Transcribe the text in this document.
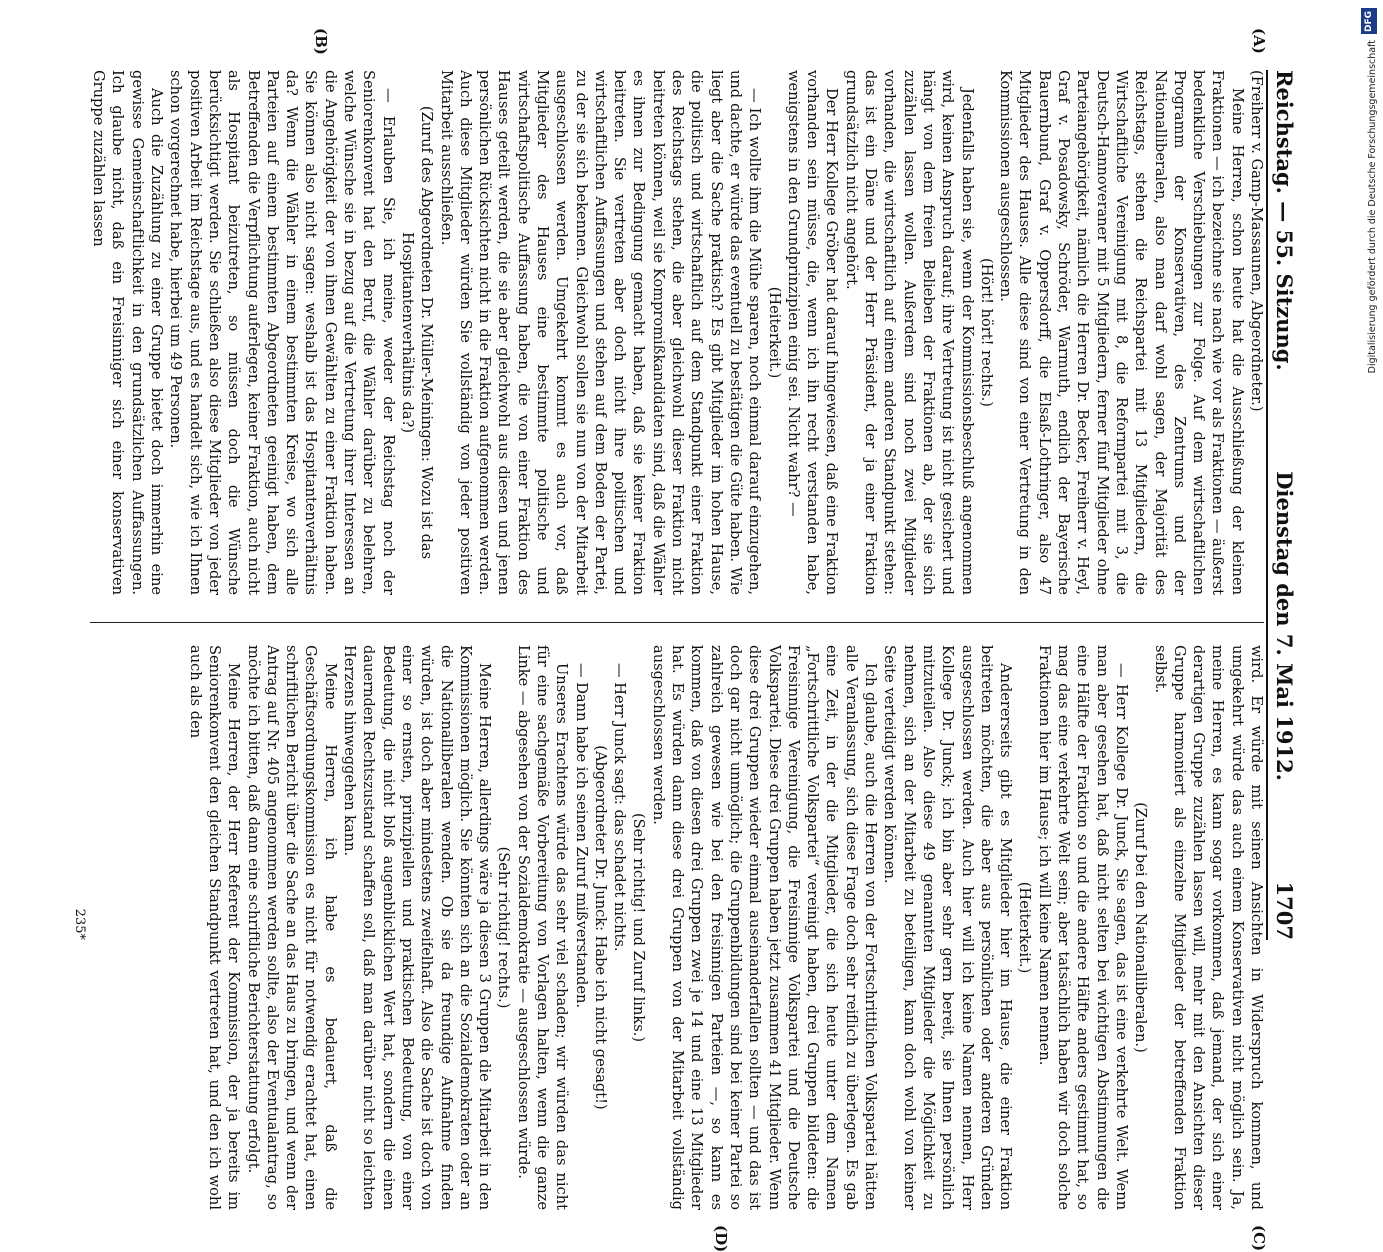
Reichstag. — 55. Sitzung.
Dienstag den 7. Mai 1912.
1707
(A)
(B)
(C)
(D)

(Freiherr v. Gamp-Massaunen, Abgeordneter.)

Meine Herren, schon heute hat die Ausschließung der kleinen Fraktionen — ich bezeichne sie nach wie vor als Fraktionen — äußerst bedenkliche Verschiebungen zur Folge. Auf dem wirtschaftlichen Programm der Konservativen, des Zentrums und der Nationalliberalen, also man darf wohl sagen, der Majorität des Reichstags, stehen die Reichspartei mit 13 Mitgliedern, die Wirtschaftliche Vereinigung mit 8, die Reformpartei mit 3, die Deutsch-Hannoveraner mit 5 Mitgliedern, ferner fünf Mitglieder ohne Parteiangehörigkeit, nämlich die Herren Dr. Becker, Freiherr v. Heyl, Graf v. Posadowsky, Schröder, Warmuth, endlich der Bayerische Bauernbund, Graf v. Oppersdorff, die Elsaß-Lothringer, also 47 Mitglieder des Hauses. Alle diese sind von einer Vertretung in den Kommissionen ausgeschlossen.

(Hört! hört! rechts.)

Jedenfalls haben sie, wenn der Kommissionsbeschluß angenommen wird, keinen Anspruch darauf; ihre Vertretung ist nicht gesichert und hängt von dem freien Belieben der Fraktionen ab, der sie sich zuzählen lassen wollen. Außerdem sind noch zwei Mitglieder vorhanden, die wirtschaftlich auf einem anderen Standpunkt stehen: das ist ein Däne und der Herr Präsident, der ja einer Fraktion grundsätzlich nicht angehört.

Der Herr Kollege Gröber hat darauf hingewiesen, daß eine Fraktion vorhanden sein müsse, die, wenn ich ihn recht verstanden habe, wenigstens in den Grundprinzipien einig sei. Nicht wahr? —

(Heiterkeit.)

— Ich wollte ihm die Mühe sparen, noch einmal darauf einzugehen, und dachte, er würde das eventuell zu bestätigen die Güte haben. Wie liegt aber die Sache praktisch? Es gibt Mitglieder im hohen Hause, die politisch und wirtschaftlich auf dem Standpunkt einer Fraktion des Reichstags stehen, die aber gleichwohl dieser Fraktion nicht beitreten können, weil sie Kompromißkandidaten sind, daß die Wähler es ihnen zur Bedingung gemacht haben, daß sie keiner Fraktion beitreten. Sie vertreten aber doch nicht ihre politischen und wirtschaftlichen Auffassungen und stehen auf dem Boden der Partei, zu der sie sich bekennen. Gleichwohl sollen sie nun von der Mitarbeit ausgeschlossen werden. Umgekehrt kommt es auch vor, daß Mitglieder des Hauses eine bestimmte politische und wirtschaftspolitische Auffassung haben, die von einer Fraktion des Hauses geteilt werden, die sie aber gleichwohl aus diesen und jenen persönlichen Rücksichten nicht in die Fraktion aufgenommen werden. Auch diese Mitglieder würden Sie vollständig von jeder positiven Mitarbeit ausschließen.

(Zuruf des Abgeordneten Dr. Müller-Meiningen: Wozu ist das Hospitantenverhältnis da?)

— Erlauben Sie, ich meine, weder der Reichstag noch der Seniorenkonvent hat den Beruf, die Wähler darüber zu belehren, welche Wünsche sie in bezug auf die Vertretung ihrer Interessen an die Angehörigkeit der von ihnen Gewählten zu einer Fraktion haben. Sie können also nicht sagen: weshalb ist das Hospitantenverhältnis da? Wenn die Wähler in einem bestimmten Kreise, wo sich alle Parteien auf einem bestimmten Abgeordneten geeinigt haben, dem Betreffenden die Verpflichtung auferlegen, keiner Fraktion, auch nicht als Hospitant beizutreten, so müssen doch die Wünsche berücksichtigt werden. Sie schließen also diese Mitglieder von jeder positiven Arbeit im Reichstage aus, und es handelt sich, wie ich Ihnen schon vorgerechnet habe, hierbei um 49 Personen.

Auch die Zuzählung zu einer Gruppe bietet doch immerhin eine gewisse Gemeinschaftlichkeit in den grundsätzlichen Auffassungen. Ich glaube nicht, daß ein Freisinniger sich einer konservativen Gruppe zuzählen lassen

wird. Er würde mit seinen Ansichten in Widerspruch kommen, und umgekehrt würde das auch einem Konservativen nicht möglich sein. Ja, meine Herren, es kann sogar vorkommen, daß jemand, der sich einer derartigen Gruppe zuzählen lassen will, mehr mit den Ansichten dieser Gruppe harmoniert als einzelne Mitglieder der betreffenden Fraktion selbst.

(Zuruf bei den Nationalliberalen.)

— Herr Kollege Dr. Junck, Sie sagen, das ist eine verkehrte Welt. Wenn man aber gesehen hat, daß nicht selten bei wichtigen Abstimmungen die eine Hälfte der Fraktion so und die andere Hälfte anders gestimmt hat, so mag das eine verkehrte Welt sein; aber tatsächlich haben wir doch solche Fraktionen hier im Hause; ich will keine Namen nennen.

(Heiterkeit.)

Andererseits gibt es Mitglieder hier im Hause, die einer Fraktion beitreten möchten, die aber aus persönlichen oder anderen Gründen ausgeschlossen werden. Auch hier will ich keine Namen nennen, Herr Kollege Dr. Junck; ich bin aber sehr gern bereit, sie Ihnen persönlich mitzuteilen. Also diese 49 genannten Mitglieder die Möglichkeit zu nehmen, sich an der Mitarbeit zu beteiligen, kann doch wohl von keiner Seite verteidigt werden können.

Ich glaube, auch die Herren von der Fortschrittlichen Volkspartei hätten alle Veranlassung, sich diese Frage doch sehr reiflich zu überlegen. Es gab eine Zeit, in der die Mitglieder, die sich heute unter dem Namen „Fortschrittliche Volkspartei“ vereinigt haben, drei Gruppen bildeten: die Freisinnige Vereinigung, die Freisinnige Volkspartei und die Deutsche Volkspartei. Diese drei Gruppen haben jetzt zusammen 41 Mitglieder. Wenn diese drei Gruppen wieder einmal auseinanderfallen sollten — und das ist doch gar nicht unmöglich; die Gruppenbildungen sind bei keiner Partei so zahlreich gewesen wie bei den freisinnigen Parteien —, so kann es kommen, daß von diesen drei Gruppen zwei je 14 und eine 13 Mitglieder hat. Es würden dann diese drei Gruppen von der Mitarbeit vollständig ausgeschlossen werden.

(Sehr richtig! und Zuruf links.)

— Herr Junck sagt: das schadet nichts.

(Abgeordneter Dr. Junck: Habe ich nicht gesagt!)

— Dann habe ich seinen Zuruf mißverstanden.

Unseres Erachtens würde das sehr viel schaden; wir würden das nicht für eine sachgemäße Vorbereitung von Vorlagen halten, wenn die ganze Linke — abgesehen von der Sozialdemokratie — ausgeschlossen würde.

(Sehr richtig! rechts.)

Meine Herren, allerdings wäre ja diesen 3 Gruppen die Mitarbeit in den Kommissionen möglich. Sie könnten sich an die Sozialdemokraten oder an die Nationalliberalen wenden. Ob sie da freundige Aufnahme finden würden, ist doch aber mindestens zweifelhaft. Also die Sache ist doch von einer so ernsten, prinzipiellen und praktischen Bedeutung, von einer Bedeutung, die nicht bloß augenblicklichen Wert hat, sondern die einen dauernden Rechtszustand schaffen soll, daß man darüber nicht so leichten Herzens hinweggehen kann.

Meine Herren, ich habe es bedauert, daß die Geschäftsordnungskommission es nicht für notwendig erachtet hat, einen schriftlichen Bericht über die Sache an das Haus zu bringen, und wenn der Antrag auf Nr. 405 angenommen werden sollte, also der Eventualantrag, so möchte ich bitten, daß dann eine schriftliche Berichterstattung erfolgt.

Meine Herren, der Herr Referent der Kommission, der ja bereits im Seniorenkonvent den gleichen Standpunkt vertreten hat, und den ich wohl auch als den

235*
DFG
Digitalisierung gefördert durch die Deutsche Forschungsgemeinschaft
